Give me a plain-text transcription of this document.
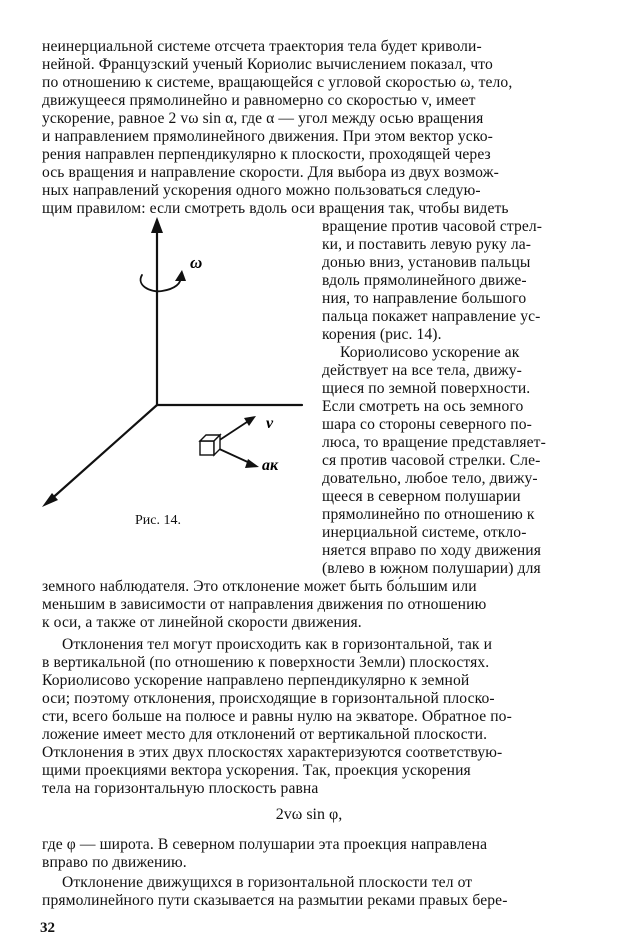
неинерциальной системе отсчета траектория тела будет криволи-
нейной. Французский ученый Кориолис вычислением показал, что
по отношению к системе, вращающейся с угловой скоростью ω, тело,
движущееся прямолинейно и равномерно со скоростью v, имеет
ускорение, равное 2 vω sin α, где α — угол между осью вращения
и направлением прямолинейного движения. При этом вектор уско-
рения направлен перпендикулярно к плоскости, проходящей через
ось вращения и направление скорости. Для выбора из двух возмож-
ных направлений ускорения одного можно пользоваться следую-
щим правилом: если смотреть вдоль оси вращения так, чтобы видеть
вращение против часовой стрел-
ки, и поставить левую руку ла-
донью вниз, установив пальцы
вдоль прямолинейного движе-
ния, то направление большого
пальца покажет направление ус-
корения (рис. 14).
Кориолисово ускорение aк
действует на все тела, движу-
щиеся по земной поверхности.
Если смотреть на ось земного
шара со стороны северного по-
люса, то вращение представляет-
ся против часовой стрелки. Сле-
довательно, любое тело, движу-
щееся в северном полушарии
прямолинейно по отношению к
инерциальной системе, откло-
няется вправо по ходу движения
(влево в южном полушарии) для
ω
v
aк
Рис. 14.
земного наблюдателя. Это отклонение может быть бо́льшим или
меньшим в зависимости от направления движения по отношению
к оси, а также от линейной скорости движения.
Отклонения тел могут происходить как в горизонтальной, так и
в вертикальной (по отношению к поверхности Земли) плоскостях.
Кориолисово ускорение направлено перпендикулярно к земной
оси; поэтому отклонения, происходящие в горизонтальной плоско-
сти, всего больше на полюсе и равны нулю на экваторе. Обратное по-
ложение имеет место для отклонений от вертикальной плоскости.
Отклонения в этих двух плоскостях характеризуются соответствую-
щими проекциями вектора ускорения. Так, проекция ускорения
тела на горизонтальную плоскость равна
2vω sin φ,
где φ — широта. В северном полушарии эта проекция направлена
вправо по движению.
Отклонение движущихся в горизонтальной плоскости тел от
прямолинейного пути сказывается на размытии реками правых бере-
32
